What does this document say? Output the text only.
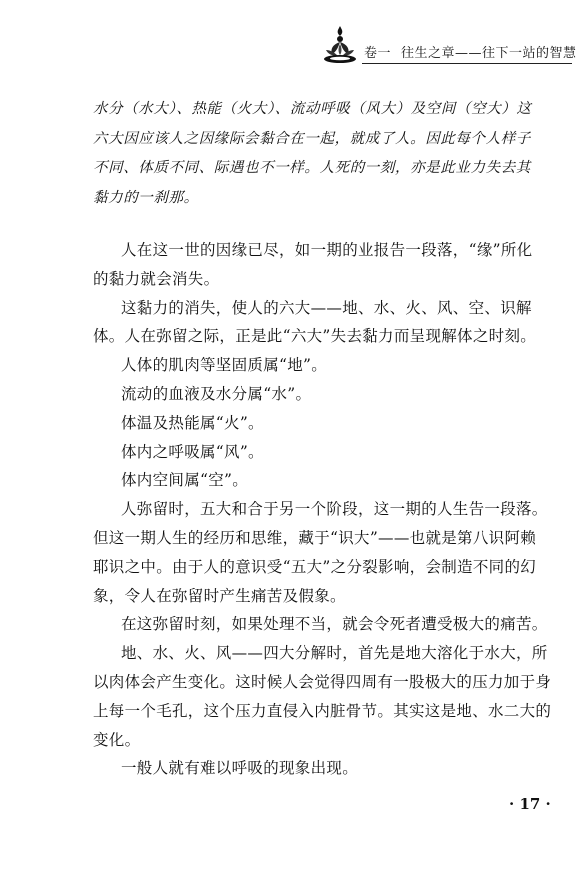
卷一 往生之章——往下一站的智慧
水分（水大）、热能（火大）、流动呼吸（风大）及空间（空大）这
六大因应该人之因缘际会黏合在一起，就成了人。因此每个人样子
不同、体质不同、际遇也不一样。人死的一刻，亦是此业力失去其
黏力的一刹那。
人在这一世的因缘已尽，如一期的业报告一段落，“缘”所化
的黏力就会消失。
这黏力的消失，使人的六大——地、水、火、风、空、识解
体。人在弥留之际，正是此“六大”失去黏力而呈现解体之时刻。
人体的肌肉等坚固质属“地”。
流动的血液及水分属“水”。
体温及热能属“火”。
体内之呼吸属“风”。
体内空间属“空”。
人弥留时，五大和合于另一个阶段，这一期的人生告一段落。
但这一期人生的经历和思维，藏于“识大”——也就是第八识阿赖
耶识之中。由于人的意识受“五大”之分裂影响，会制造不同的幻
象，令人在弥留时产生痛苦及假象。
在这弥留时刻，如果处理不当，就会令死者遭受极大的痛苦。
地、水、火、风——四大分解时，首先是地大溶化于水大，所
以肉体会产生变化。这时候人会觉得四周有一股极大的压力加于身
上每一个毛孔，这个压力直侵入内脏骨节。其实这是地、水二大的
变化。
一般人就有难以呼吸的现象出现。
· 17 ·
